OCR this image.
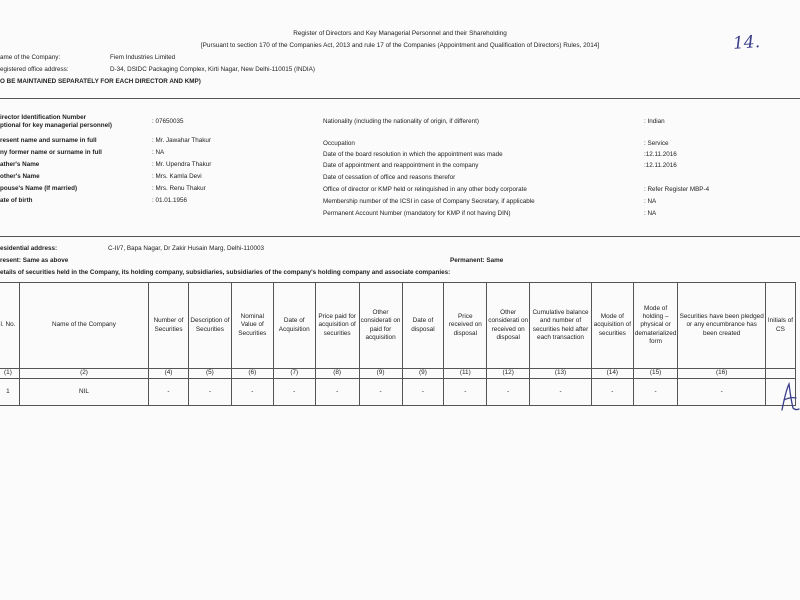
Register of Directors and Key Managerial Personnel and their Shareholding
[Pursuant to section 170 of the Companies Act, 2013 and rule 17 of the Companies (Appointment and Qualification of Directors) Rules, 2014]	14.
ame of the Company:	Fiem Industries Limited
egistered office address:	D-34, DSIDC Packaging Complex, Kirti Nagar, New Delhi-110015 (INDIA)
O BE MAINTAINED SEPARATELY FOR EACH DIRECTOR AND KMP)
irector Identification Number
ptional for key managerial personnel)
: 07650035
resent name and surname in full	: Mr. Jawahar Thakur
ny former name or surname in full	: NA
ather's Name	: Mr. Upendra Thakur
other's Name	: Mrs. Kamla Devi
pouse's Name (If married)	: Mrs. Renu Thakur
ate of birth	: 01.01.1956
Nationality (including the nationality of origin, if different)	: Indian
Occupation	: Service
Date of the board resolution in which the appointment was made	:12.11.2016
Date of appointment and reappointment in the company	:12.11.2016
Date of cessation of office and reasons therefor
Office of director or KMP held or relinquished in any other body corporate	: Refer Register MBP-4
Membership number of the ICSI in case of Company Secretary, if applicable	: NA
Permanent Account Number (mandatory for KMP if not having DIN)	: NA
esidential address:	C-II/7, Bapa Nagar, Dr Zakir Husain Marg, Delhi-110003
resent: Same as above	Permanent: Same
etails of securities held in the Company, its holding company, subsidiaries, subsidiaries of the company's holding company and associate companies:
l. No.	Name of the Company	Number of Securities	Description of Securities	Nominal Value of Securities	Date of Acquisition	Price paid for acquisition of securities	Other considerati on paid for acquisition	Date of disposal	Price received on disposal	Other considerati on received on disposal	Cumulative balance and number of securities held after each transaction	Mode of acquisition of securities	Mode of holding – physical or dematerialized form	Securities have been pledged or any encumbrance has been created	Initials of CS
(1)	(2)	(4)	(5)	(6)	(7)	(8)	(9)	(9)	(11)	(12)	(13)	(14)	(15)	(16)	
1	NIL	-	-	-	-	-	-	-	-	-	-	-	-	-	
